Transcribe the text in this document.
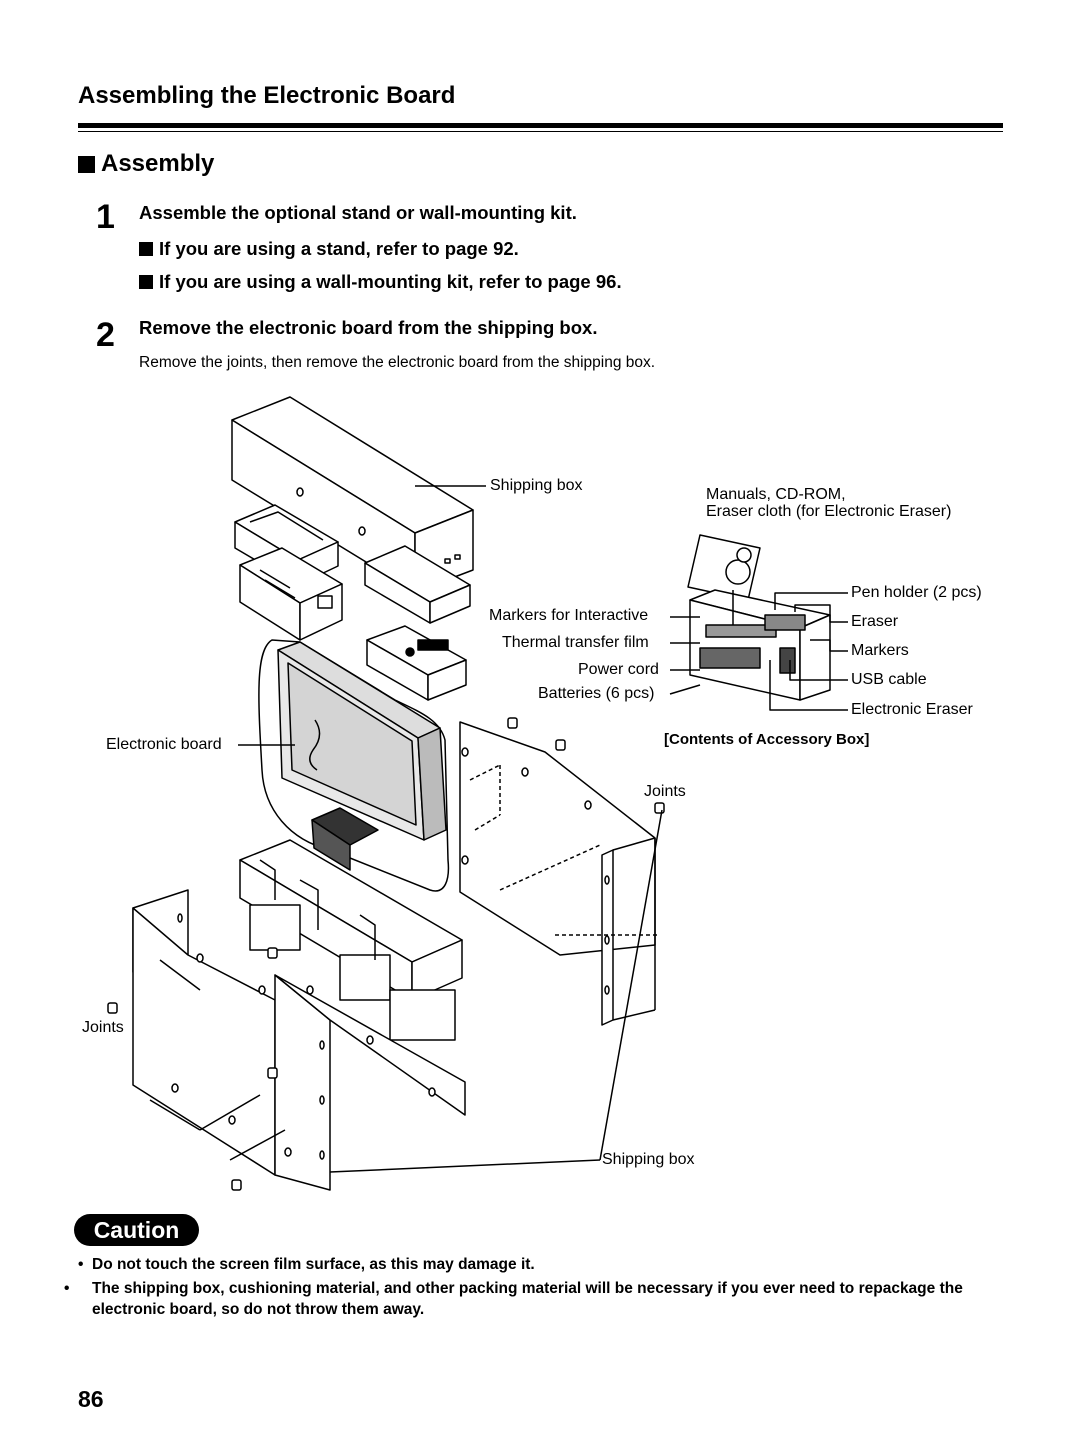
Assembling the Electronic Board
Assembly
1 Assemble the optional stand or wall-mounting kit.
If you are using a stand, refer to page 92.
If you are using a wall-mounting kit, refer to page 96.
2 Remove the electronic board from the shipping box.
Remove the joints, then remove the electronic board from the shipping box.
Shipping box
Manuals, CD-ROM,
Eraser cloth (for Electronic Eraser)
Pen holder (2 pcs)
Eraser
Markers
USB cable
Electronic Eraser
Markers for Interactive
Thermal transfer film
Power cord
Batteries (6 pcs)
Electronic board	[Contents of Accessory Box]
Joints
Joints
Shipping box
Caution
• Do not touch the screen film surface, as this may damage it.
• The shipping box, cushioning material, and other packing material will be necessary if you ever need to repackage the electronic board, so do not throw them away.
86
